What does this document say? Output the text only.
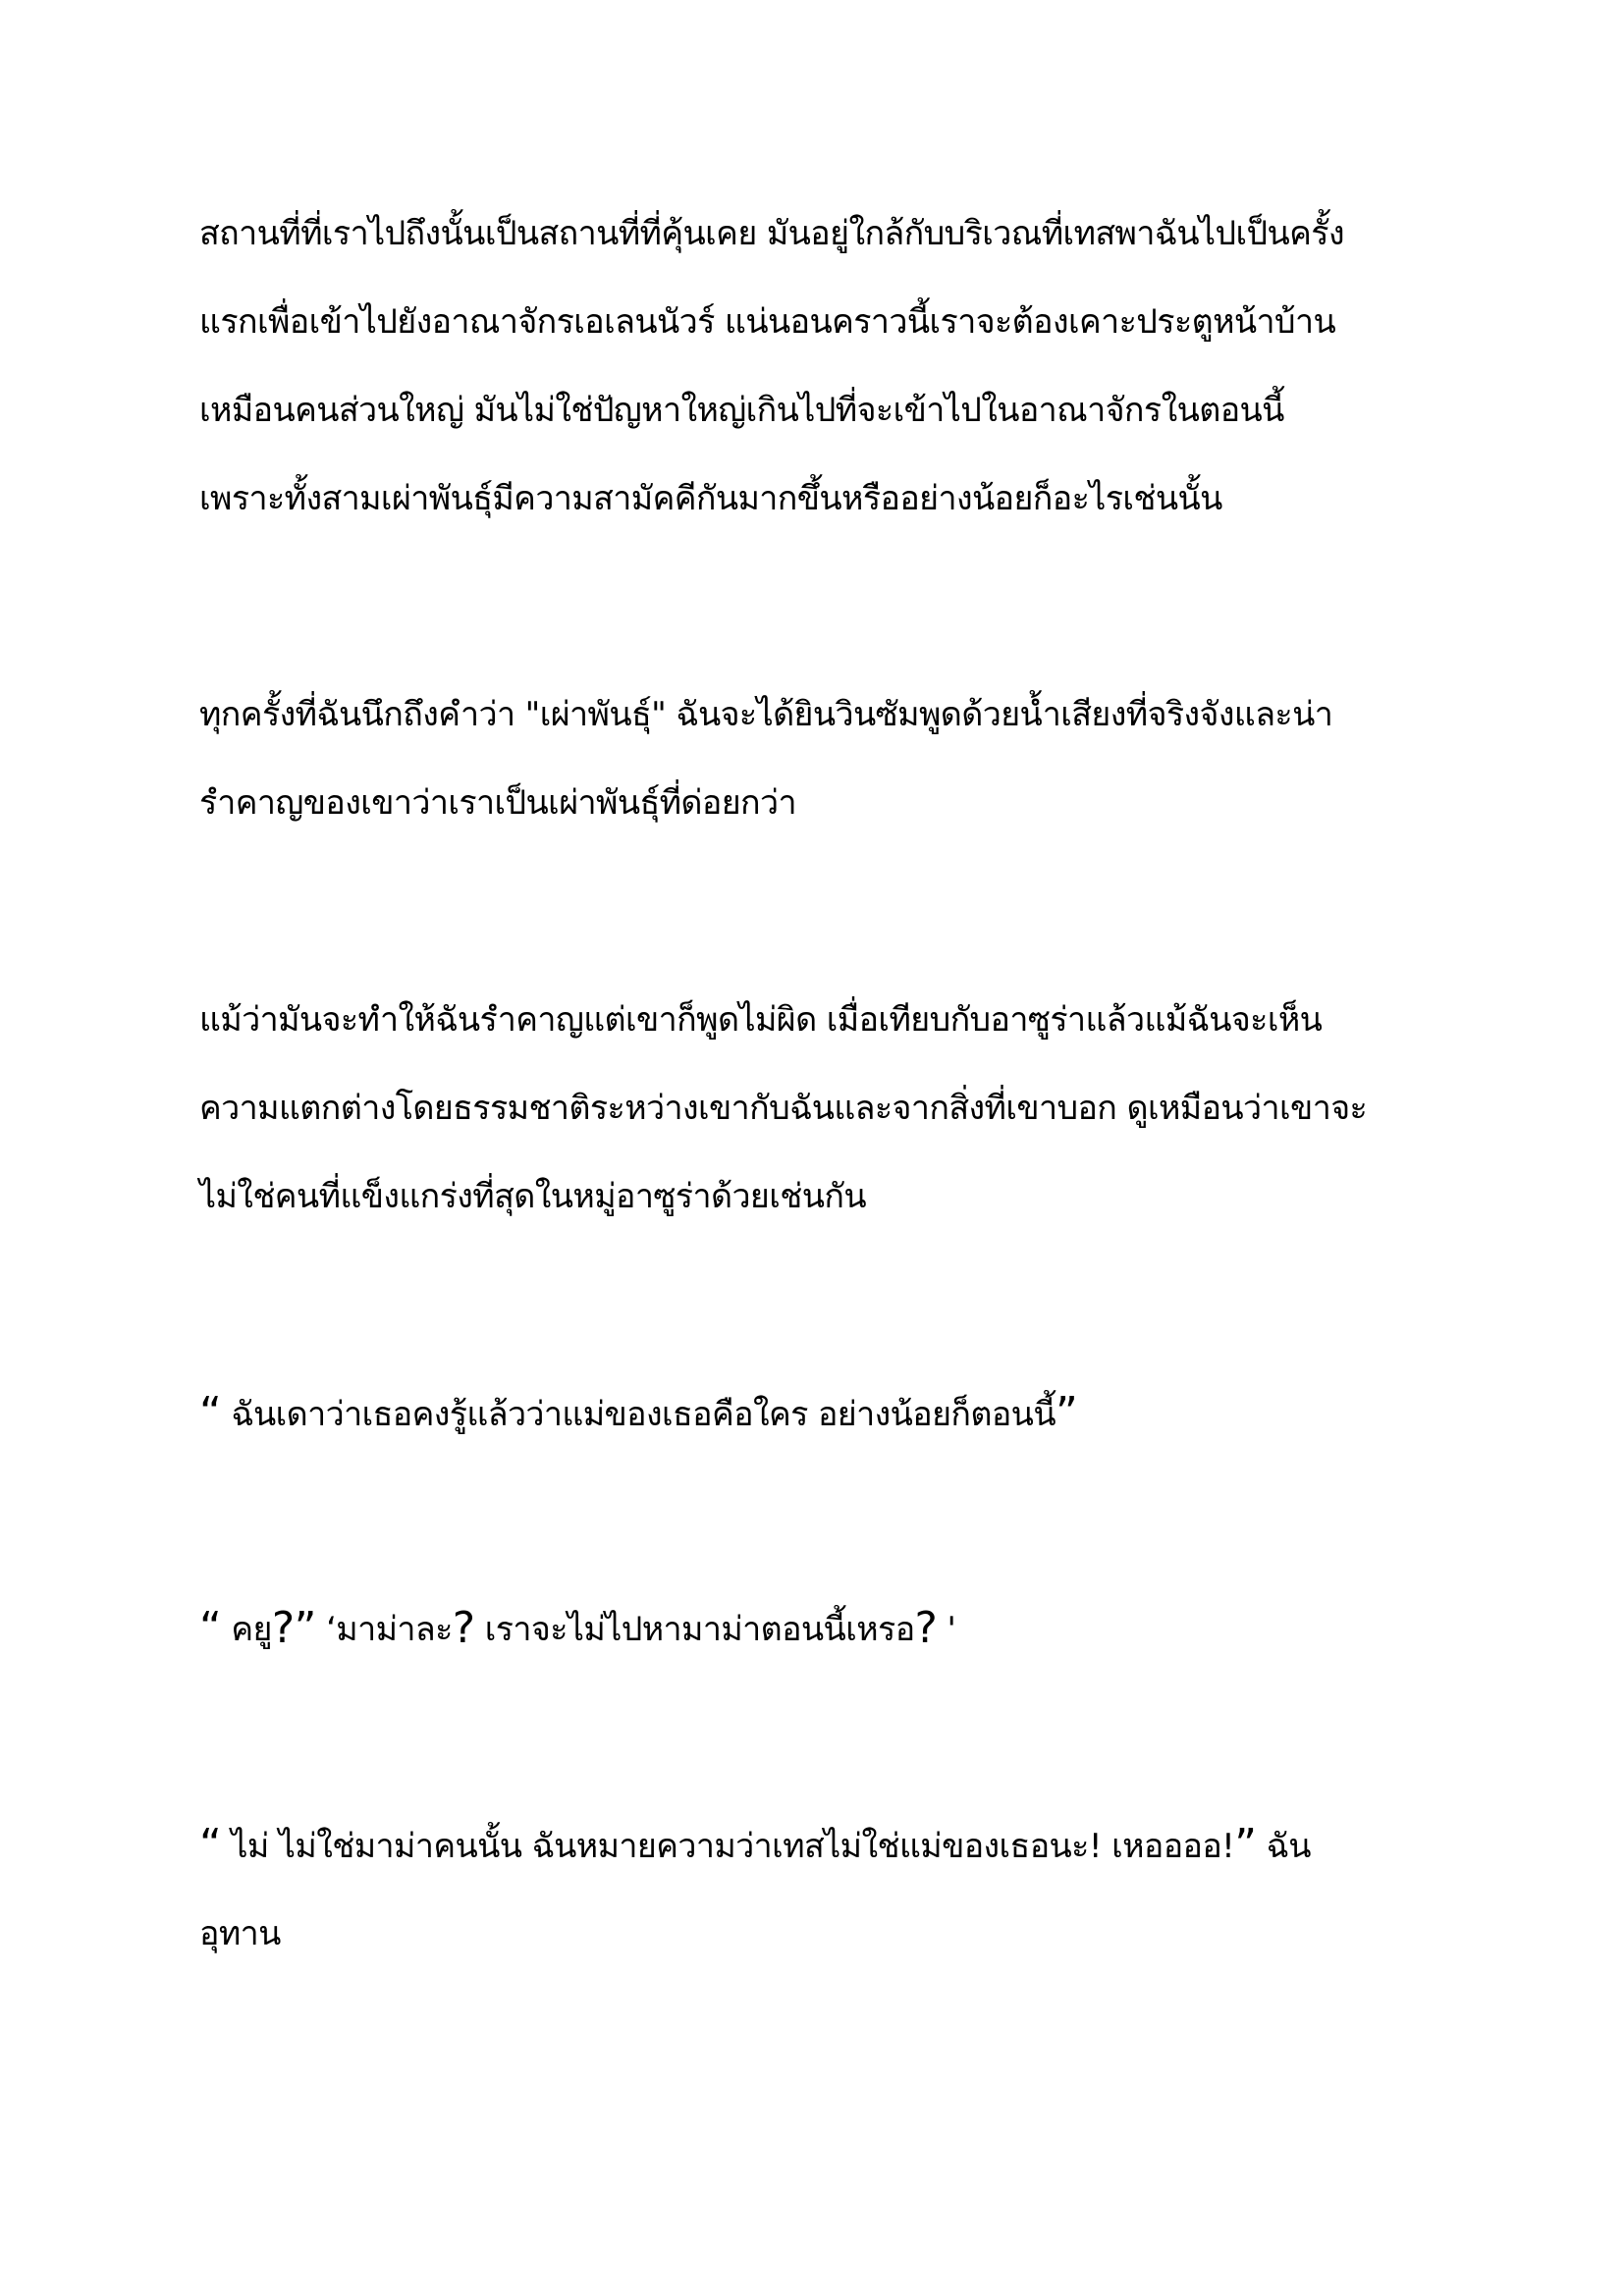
สถานที่ที่เราไปถึงนั้นเป็นสถานที่ที่คุ้นเคย มันอยู่ใกล้กับบริเวณที่เทสพาฉันไปเป็นครั้ง
แรกเพื่อเข้าไปยังอาณาจักรเอเลนนัวร์ แน่นอนคราวนี้เราจะต้องเคาะประตูหน้าบ้าน
เหมือนคนส่วนใหญ่ มันไม่ใช่ปัญหาใหญ่เกินไปที่จะเข้าไปในอาณาจักรในตอนนี้
เพราะทั้งสามเผ่าพันธุ์มีความสามัคคีกันมากขึ้นหรืออย่างน้อยก็อะไรเช่นนั้น
ทุกครั้งที่ฉันนึกถึงคำว่า "เผ่าพันธุ์" ฉันจะได้ยินวินซัมพูดด้วยน้ำเสียงที่จริงจังและน่า
รำคาญของเขาว่าเราเป็นเผ่าพันธุ์ที่ด่อยกว่า
แม้ว่ามันจะทำให้ฉันรำคาญแต่เขาก็พูดไม่ผิด เมื่อเทียบกับอาซูร่าแล้วแม้ฉันจะเห็น
ความแตกต่างโดยธรรมชาติระหว่างเขากับฉันและจากสิ่งที่เขาบอก ดูเหมือนว่าเขาจะ
ไม่ใช่คนที่แข็งแกร่งที่สุดในหมู่อาซูร่าด้วยเช่นกัน
“ ฉันเดาว่าเธอคงรู้แล้วว่าแม่ของเธอคือใคร อย่างน้อยก็ตอนนี้”
“ คยู?” ‘มาม่าละ? เราจะไม่ไปหามาม่าตอนนี้เหรอ? '
“ ไม่ ไม่ใช่มาม่าคนนั้น ฉันหมายความว่าเทสไม่ใช่แม่ของเธอนะ! เหออออ!” ฉัน
อุทาน
